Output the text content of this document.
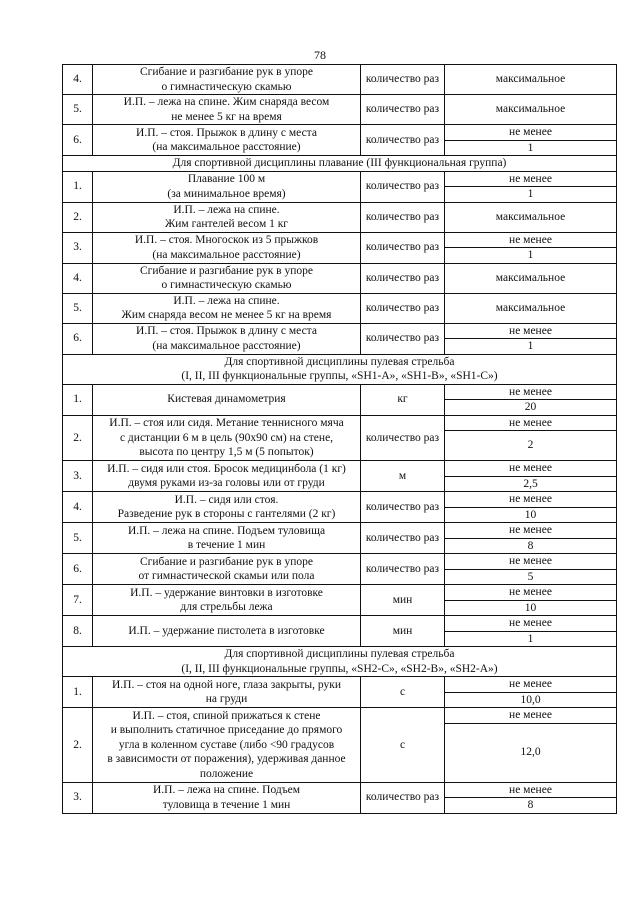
78
4.	Сгибание и разгибание рук в упоре
о гимнастическую скамью	количество раз	максимальное
5.	И.П. – лежа на спине. Жим снаряда весом
не менее 5 кг на время	количество раз	максимальное
6.	И.П. – стоя. Прыжок в длину с места
(на максимальное расстояние)	количество раз	не менее
			1
Для спортивной дисциплины плавание (III функциональная группа)			
1.	Плавание 100 м
(за минимальное время)	количество раз	не менее
			1
2.	И.П. – лежа на спине.
Жим гантелей весом 1 кг	количество раз	максимальное
3.	И.П. – стоя. Многоскок из 5 прыжков
(на максимальное расстояние)	количество раз	не менее
			1
4.	Сгибание и разгибание рук в упоре
о гимнастическую скамью	количество раз	максимальное
5.	И.П. – лежа на спине.
Жим снаряда весом не менее 5 кг на время	количество раз	максимальное
6.	И.П. – стоя. Прыжок в длину с места
(на максимальное расстояние)	количество раз	не менее
			1
Для спортивной дисциплины пулевая стрельба
(I, II, III функциональные группы, «SH1-A», «SH1-B», «SH1-C»)			
1.	Кистевая динамометрия	кг	не менее
			20
2.	И.П. – стоя или сидя. Метание теннисного мяча
с дистанции 6 м в цель (90х90 см) на стене,
высота по центру 1,5 м (5 попыток)	количество раз	не менее
			2
3.	И.П. – сидя или стоя. Бросок медицинбола (1 кг)
двумя руками из-за головы или от груди	м	не менее
			2,5
4.	И.П. – сидя или стоя.
Разведение рук в стороны с гантелями (2 кг)	количество раз	не менее
			10
5.	И.П. – лежа на спине. Подъем туловища
в течение 1 мин	количество раз	не менее
			8
6.	Сгибание и разгибание рук в упоре
от гимнастической скамьи или пола	количество раз	не менее
			5
7.	И.П. – удержание винтовки в изготовке
для стрельбы лежа	мин	не менее
			10
8.	И.П. – удержание пистолета в изготовке	мин	не менее
			1
Для спортивной дисциплины пулевая стрельба
(I, II, III функциональные группы, «SH2-C», «SH2-B», «SH2-A»)			
1.	И.П. – стоя на одной ноге, глаза закрыты, руки
на груди	с	не менее
			10,0
2.	И.П. – стоя, спиной прижаться к стене
и выполнить статичное приседание до прямого
угла в коленном суставе (либо <90 градусов
в зависимости от поражения), удерживая данное
положение	с	не менее
			12,0
3.	И.П. – лежа на спине. Подъем
туловища в течение 1 мин	количество раз	не менее
			8
